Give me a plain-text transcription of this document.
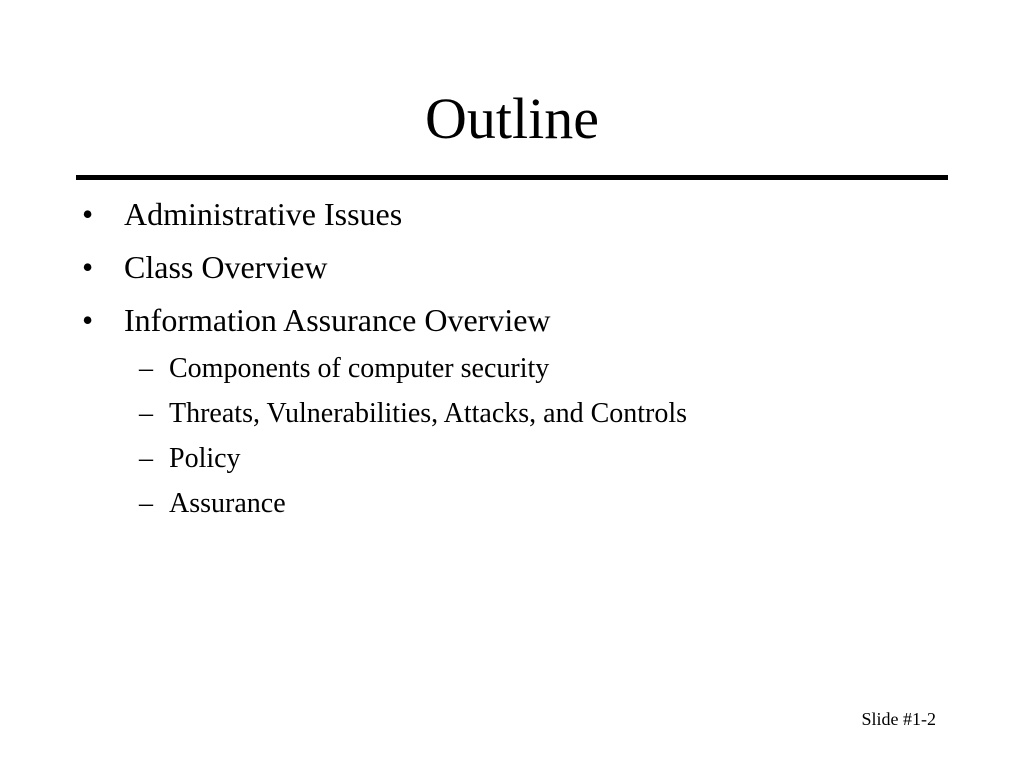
Outline
• Administrative Issues
• Class Overview
• Information Assurance Overview
– Components of computer security
– Threats, Vulnerabilities, Attacks, and Controls
– Policy
– Assurance
Slide #1-2
